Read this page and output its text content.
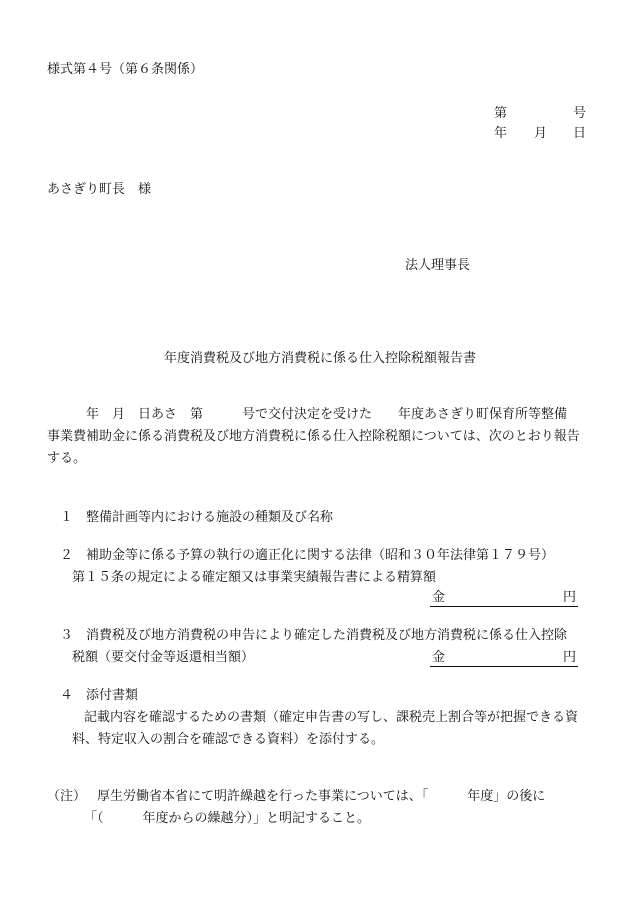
様式第４号（第６条関係）
第	号
年 月 日
あさぎり町長　様
法人理事長
年度消費税及び地方消費税に係る仕入控除税額報告書
　　年　月　日あさ　第　　　号で交付決定を受けた　　年度あさぎり町保育所等整備
事業費補助金に係る消費税及び地方消費税に係る仕入控除税額については、次のとおり報告
する。
１　整備計画等内における施設の種類及び名称
２　補助金等に係る予算の執行の適正化に関する法律（昭和３０年法律第１７９号）
第１５条の規定による確定額又は事業実績報告書による精算額
金	円
３　消費税及び地方消費税の申告により確定した消費税及び地方消費税に係る仕入控除
税額（要交付金等返還相当額）	金	円
４　添付書類
記載内容を確認するための書類（確定申告書の写し、課税売上割合等が把握できる資
料、特定収入の割合を確認できる資料）を添付する。
（注） 厚生労働省本省にて明許繰越を行った事業については、「　　　年度」の後に
「（　　　年度からの繰越分）」と明記すること。
